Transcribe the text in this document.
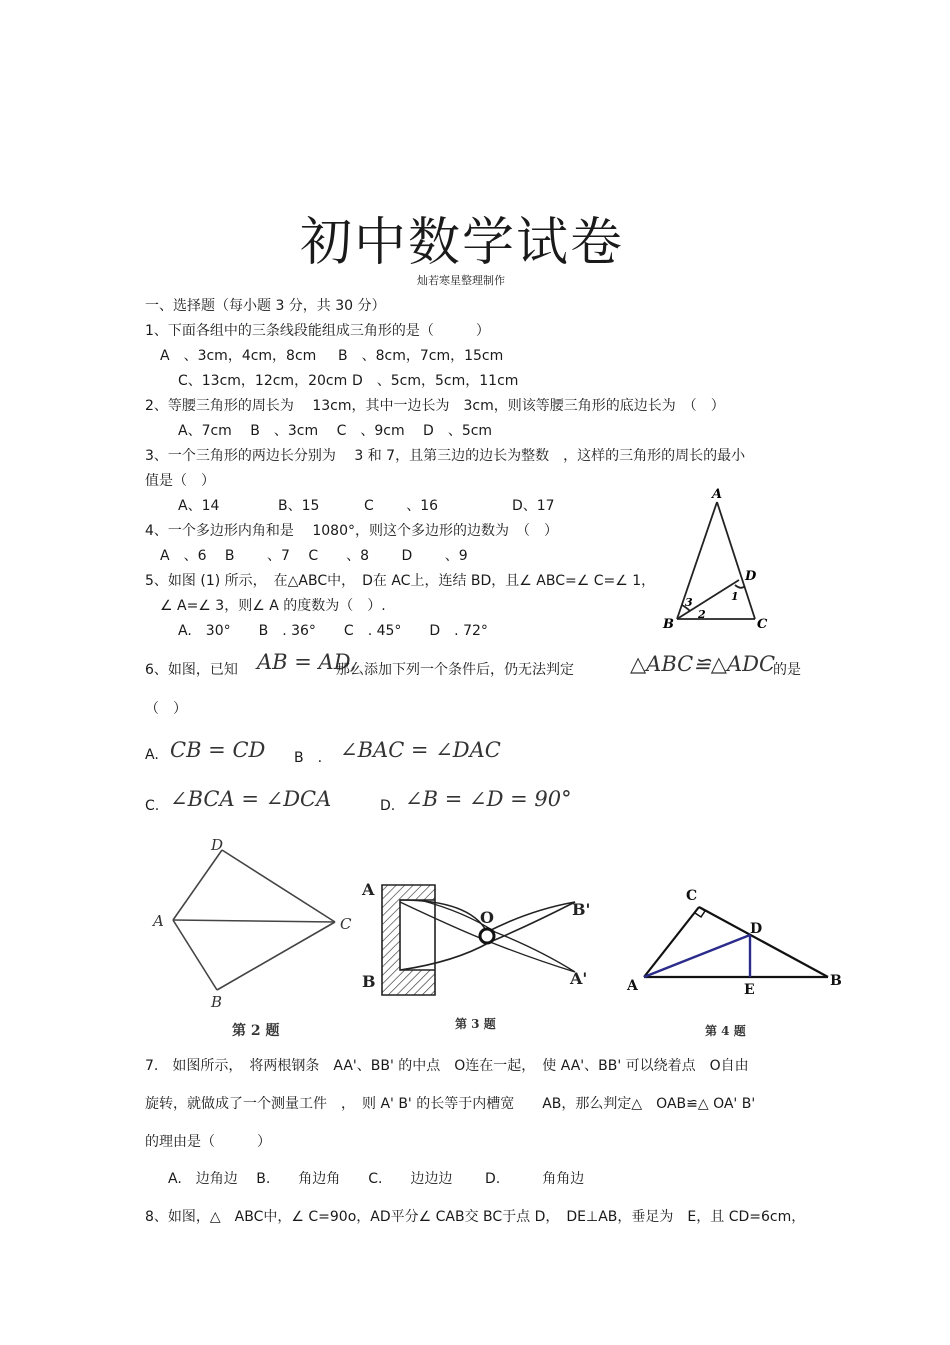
初中数学试卷
灿若寒星整理制作
一、选择题（每小题 3 分，共 30 分）
1、下面各组中的三条线段能组成三角形的是（　　　）
A　、3cm，4cm，8cm B　、8cm，7cm，15cm
C、13cm，12cm，20cm D　、5cm，5cm，11cm
2、等腰三角形的周长为　 13cm，其中一边长为　3cm，则该等腰三角形的底边长为　（　）
A、7cm　 B　、3cm　 C　、9cm　 D　、5cm
3、一个三角形的两边长分别为　 3 和 7，且第三边的边长为整数　，这样的三角形的周长的最小
值是（　）
A、14	B、15	C　　 、16	D、17
4、一个多边形内角和是　 1080°，则这个多边形的边数为　（　）
A　、6　 B　　 、7　 C　　、8　　 D　　 、9
5、如图 (1) 所示，　在△ABC中，　D在 AC上，连结 BD，且∠ ABC=∠ C=∠ 1，
∠ A=∠ 3，则∠ A 的度数为（　）.
A.　30°　　B　. 36°　　C　. 45°　　D　. 72°
A
B	C
D
1
2
3
6、如图，已知 AB = AD,
那么添加下列一个条件后，仍无法判定	△ABC≌△ADC
的是
（　）
A. CB = CD B　. ∠BAC = ∠DAC
C. ∠BCA = ∠DCA	D. ∠B = ∠D = 90°
D
A	C
B
第 2 题
A
B
O	B'
A'
第 3 题
C
D
A	E
B
第 4 题
7.　如图所示，　将两根钢条　AA'、BB' 的中点　O连在一起，　使 AA'、BB' 可以绕着点　O自由
旋转，就做成了一个测量工件　，　则 A' B' 的长等于内槽宽　　AB，那么判定△　OAB≌△ OA' B'
的理由是（　　　）
A.　边角边　 B.　　角边角　　C.　　边边边　　 D.　　　角角边
8、如图，△　ABC中，∠ C=90o，AD平分∠ CAB交 BC于点 D，　DE⊥AB，垂足为　E，且 CD=6cm，
